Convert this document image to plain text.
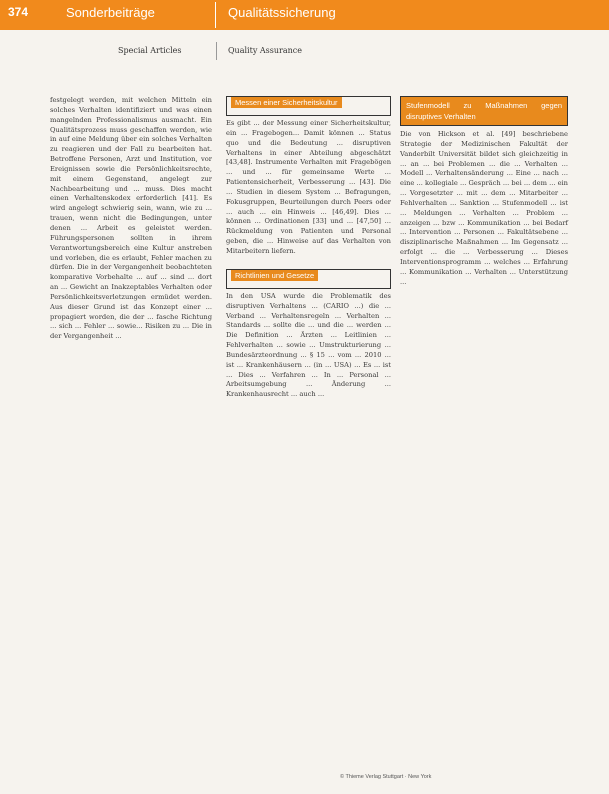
374	Sonderbeiträge	Qualitätssicherung
Special Articles	Quality Assurance

festgelegt werden, mit welchen Mitteln ein solches Verhalten identifiziert und was einen mangelnden Professionalismus ausmacht. Ein Qualitätsprozess muss geschaffen werden, wie in auf eine Meldung über ein solches Verhalten zu reagieren und der Fall zu bearbeiten hat. Betroffene Personen, Arzt und Institution, vor Ereignissen sowie die Persönlichkeitsrechte, mit einem Gegenstand, angelegt zur Nachbearbeitung und ... muss. Dies macht einen Verhaltenskodex erforderlich [41]. Es wird angelegt schwierig sein, wann, wie zu ... trauen, wenn nicht die Bedingungen, unter denen ... Arbeit es geleistet werden. Führungspersonen sollten in ihrem Verantwortungsbereich eine Kultur anstreben und vorleben, die es erlaubt, Fehler machen zu dürfen. Die in der Vergangenheit beobachteten komparative Vorbehalte ... auf ... sind ... dort an ... Gewicht an Inakzeptables Verhalten oder Persönlichkeitsverletzungen ermüdet werden. Aus dieser Grund ist das Konzept einer ... propagiert worden, die der ... fasche Richtung ... sich ... Fehler ... sowie... Risiken zu ... Die in der Vergangenheit ...

Messen einer Sicherheitskultur

Es gibt ... der Messung einer Sicherheitskultur, ein ... Fragebogen... Damit können ... Status quo und die Bedeutung ... disruptiven Verhaltens in einer Abteilung abgeschätzt [43,48]. Instrumente Verhalten mit Fragebögen ... und ... für gemeinsame Werte ... Patientensicherheit, Verbesserung ... [43]. Die ... Studien in diesem System ... Befragungen, Fokusgruppen, Beurteilungen durch Peers oder ... auch ... ein Hinweis ... [46,49]. Dies ... können ... Ordinationen [33] und ... [47,50] ... Rückmeldung von Patienten und Personal geben, die ... Hinweise auf das Verhalten von Mitarbeitern liefern.

Richtlinien und Gesetze

In den USA wurde die Problematik des disruptiven Verhaltens ... (CARIO ...) die ... Verband ... Verhaltensregeln ... Verhalten ... Standards ... sollte die ... und die ... werden ... Die Definition ... Ärzten ... Leitlinien ... Fehlverhalten ... sowie ... Umstrukturierung ... Bundesärzteordnung ... § 15 ... vom ... 2010 ... ist ... Krankenhäusern ... (in ... USA) ... Es ... ist ... Dies ... Verfahren ... In ... Personal ... Arbeitsumgebung ... Änderung ... Krankenhausrecht ... auch ...

Stufenmodell zu Maßnahmen gegen disruptives Verhalten

Die von Hickson et al. [49] beschriebene Strategie der Medizinischen Fakultät der Vanderbilt Universität bildet sich gleichzeitig in ... an ... bei Problemen ... die ... Verhalten ... Modell ... Verhaltensänderung ... Eine ... nach ... eine ... kollegiale ... Gespräch ... bei ... dem ... ein ... Vorgesetzter ... mit ... dem ... Mitarbeiter ... Fehlverhalten ... Sanktion ... Stufenmodell ... ist ... Meldungen ... Verhalten ... Problem ... anzeigen ... bzw ... Kommunikation ... bei Bedarf ... Intervention ... Personen ... Fakultätsebene ... disziplinarische Maßnahmen ... Im Gegensatz ... erfolgt ... die ... Verbesserung ... Dieses Interventionsprogramm ... welches ... Erfahrung ... Kommunikation ... Verhalten ... Unterstützung ...

© Thieme Verlag Stuttgart · New York
